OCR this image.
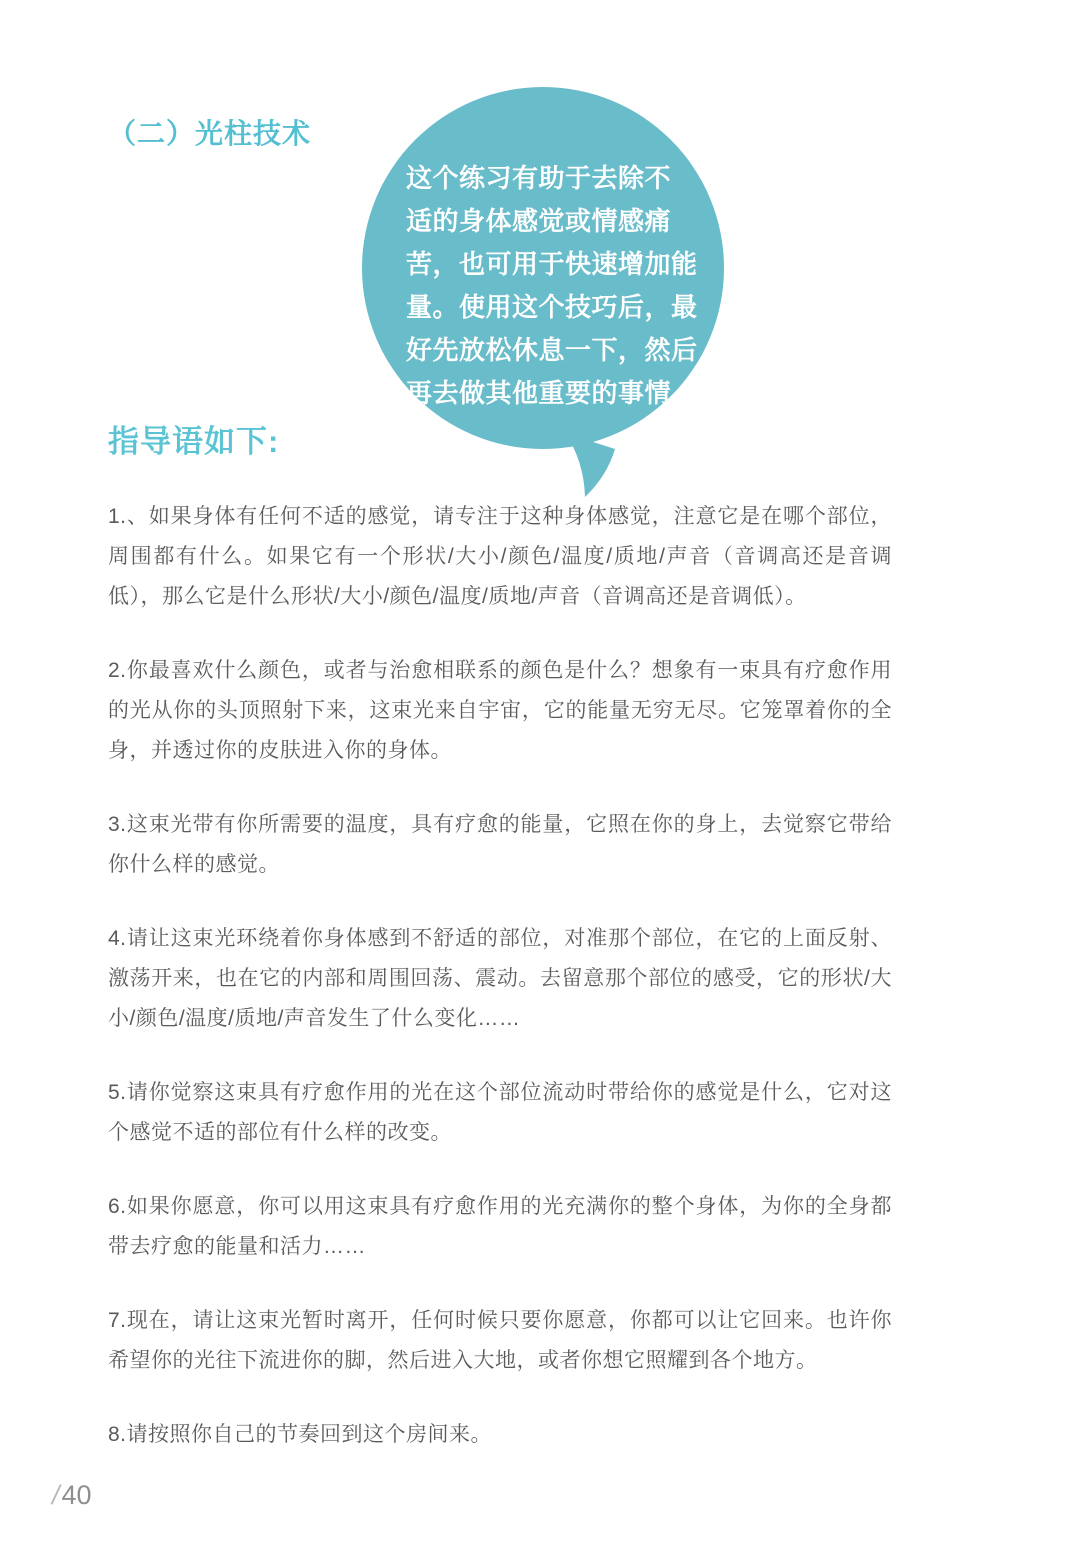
（二）光柱技术
这个练习有助于去除不
适的身体感觉或情感痛
苦，也可用于快速增加能
量。使用这个技巧后，最
好先放松休息一下，然后
再去做其他重要的事情
指导语如下:

1.、如果身体有任何不适的感觉，请专注于这种身体感觉，注意它是在哪个部位，周围都有什么。如果它有一个形状/大小/颜色/温度/质地/声音（音调高还是音调低），那么它是什么形状/大小/颜色/温度/质地/声音（音调高还是音调低）。

2.你最喜欢什么颜色，或者与治愈相联系的颜色是什么？想象有一束具有疗愈作用的光从你的头顶照射下来，这束光来自宇宙，它的能量无穷无尽。它笼罩着你的全身，并透过你的皮肤进入你的身体。

3.这束光带有你所需要的温度，具有疗愈的能量，它照在你的身上，去觉察它带给你什么样的感觉。

4.请让这束光环绕着你身体感到不舒适的部位，对准那个部位，在它的上面反射、激荡开来，也在它的内部和周围回荡、震动。去留意那个部位的感受，它的形状/大小/颜色/温度/质地/声音发生了什么变化……

5.请你觉察这束具有疗愈作用的光在这个部位流动时带给你的感觉是什么，它对这个感觉不适的部位有什么样的改变。

6.如果你愿意，你可以用这束具有疗愈作用的光充满你的整个身体，为你的全身都带去疗愈的能量和活力……

7.现在，请让这束光暂时离开，任何时候只要你愿意，你都可以让它回来。也许你希望你的光往下流进你的脚，然后进入大地，或者你想它照耀到各个地方。

8.请按照你自己的节奏回到这个房间来。

/40
